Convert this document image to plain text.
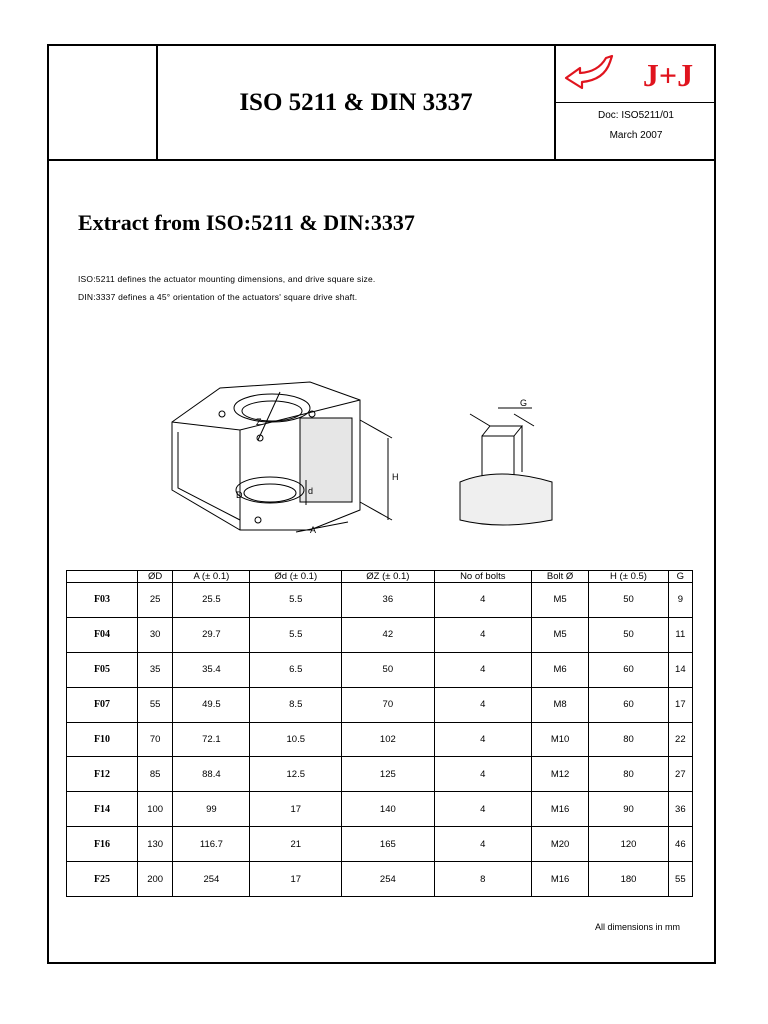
ISO 5211 & DIN 3337
J+J
Doc: ISO5211/01
March 2007
Extract from ISO:5211 & DIN:3337
ISO:5211 defines the actuator mounting dimensions, and drive square size.
DIN:3337 defines a 45° orientation of the actuators' square drive shaft.
Z
D	d
H
A
G
	ØD	A (± 0.1)	Ød (± 0.1)	ØZ (± 0.1)	No of bolts	Bolt Ø	H (± 0.5)	G
F03	25	25.5	5.5	36	4	M5	50	9
F04	30	29.7	5.5	42	4	M5	50	11
F05	35	35.4	6.5	50	4	M6	60	14
F07	55	49.5	8.5	70	4	M8	60	17
F10	70	72.1	10.5	102	4	M10	80	22
F12	85	88.4	12.5	125	4	M12	80	27
F14	100	99	17	140	4	M16	90	36
F16	130	116.7	21	165	4	M20	120	46
F25	200	254	17	254	8	M16	180	55
All dimensions in mm
